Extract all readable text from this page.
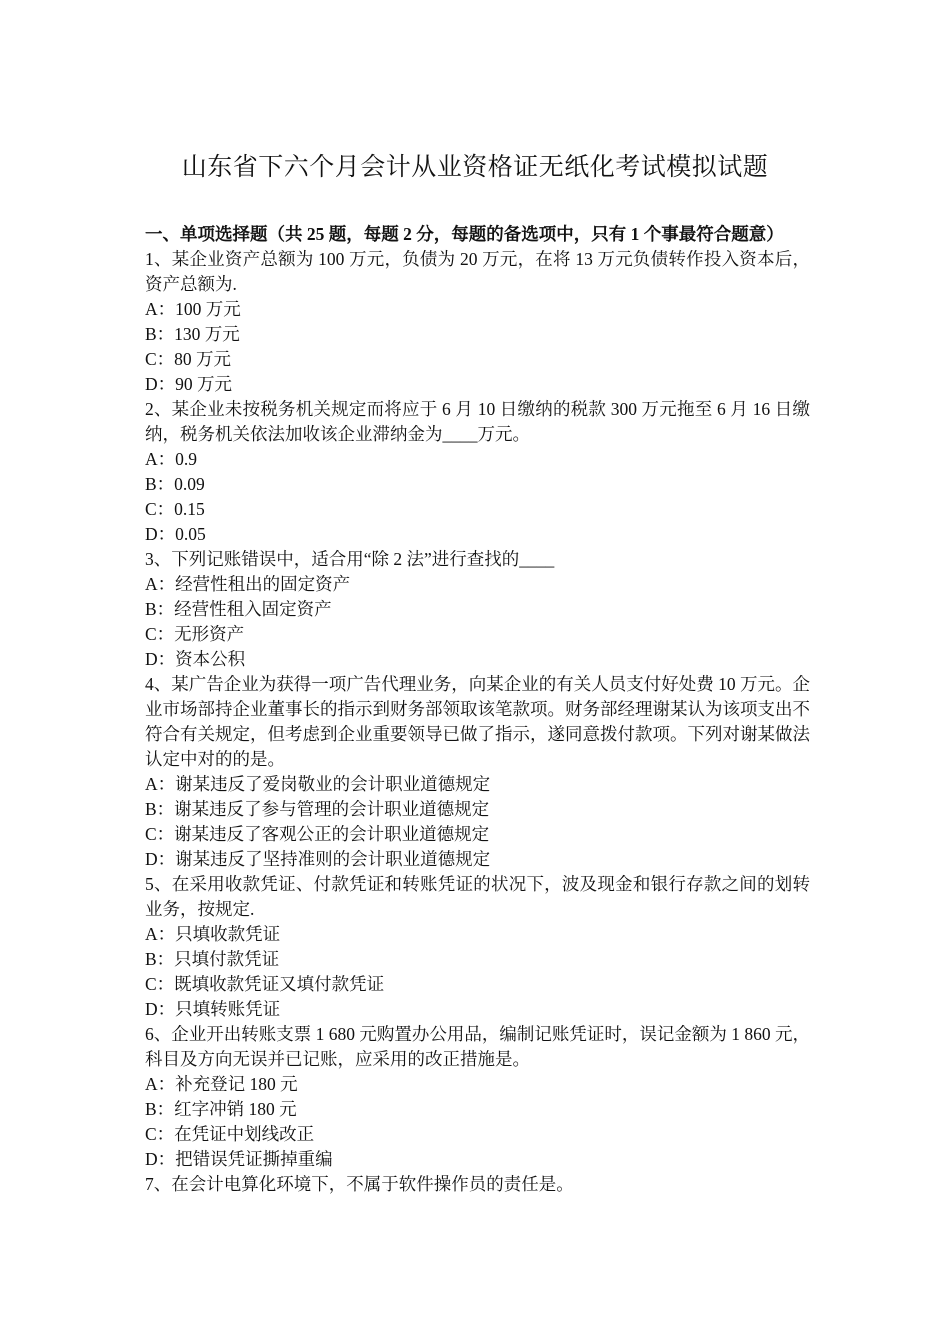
山东省下六个月会计从业资格证无纸化考试模拟试题

一、单项选择题（共 25 题，每题 2 分，每题的备选项中，只有 1 个事最符合题意）

1、某企业资产总额为 100 万元，负债为 20 万元，在将 13 万元负债转作投入资本后，资产总额为.

A：100 万元

B：130 万元

C：80 万元

D：90 万元

2、某企业未按税务机关规定而将应于 6 月 10 日缴纳的税款 300 万元拖至 6 月 16 日缴纳，税务机关依法加收该企业滞纳金为____万元。

A：0.9

B：0.09

C：0.15

D：0.05

3、下列记账错误中，适合用“除 2 法”进行查找的____

A：经营性租出的固定资产

B：经营性租入固定资产

C：无形资产

D：资本公积

4、某广告企业为获得一项广告代理业务，向某企业的有关人员支付好处费 10 万元。企业市场部持企业董事长的指示到财务部领取该笔款项。财务部经理谢某认为该项支出不符合有关规定，但考虑到企业重要领导已做了指示，遂同意拨付款项。下列对谢某做法认定中对的的是。

A：谢某违反了爱岗敬业的会计职业道德规定

B：谢某违反了参与管理的会计职业道德规定

C：谢某违反了客观公正的会计职业道德规定

D：谢某违反了坚持准则的会计职业道德规定

5、在采用收款凭证、付款凭证和转账凭证的状况下，波及现金和银行存款之间的划转业务，按规定.

A：只填收款凭证

B：只填付款凭证

C：既填收款凭证又填付款凭证

D：只填转账凭证

6、企业开出转账支票 1 680 元购置办公用品，编制记账凭证时，误记金额为 1 860 元，科目及方向无误并已记账，应采用的改正措施是。

A：补充登记 180 元

B：红字冲销 180 元

C：在凭证中划线改正

D：把错误凭证撕掉重编

7、在会计电算化环境下，不属于软件操作员的责任是。
